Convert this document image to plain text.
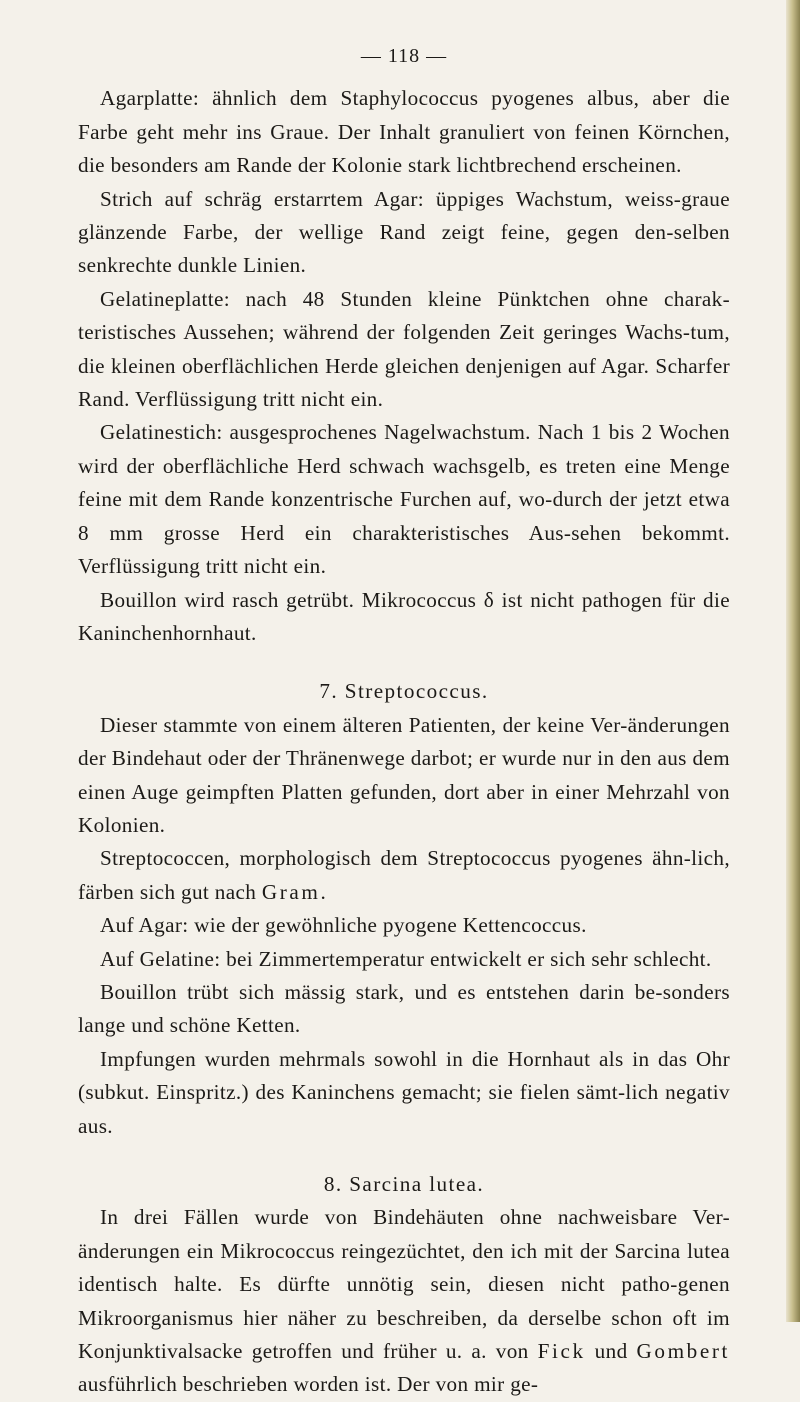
— 118 —

Agarplatte: ähnlich dem Staphylococcus pyogenes albus, aber die Farbe geht mehr ins Graue. Der Inhalt granuliert von feinen Körnchen, die besonders am Rande der Kolonie stark lichtbrechend erscheinen.

Strich auf schräg erstarrtem Agar: üppiges Wachstum, weiss-graue glänzende Farbe, der wellige Rand zeigt feine, gegen den-selben senkrechte dunkle Linien.

Gelatineplatte: nach 48 Stunden kleine Pünktchen ohne charak-teristisches Aussehen; während der folgenden Zeit geringes Wachs-tum, die kleinen oberflächlichen Herde gleichen denjenigen auf Agar. Scharfer Rand. Verflüssigung tritt nicht ein.

Gelatinestich: ausgesprochenes Nagelwachstum. Nach 1 bis 2 Wochen wird der oberflächliche Herd schwach wachsgelb, es treten eine Menge feine mit dem Rande konzentrische Furchen auf, wo-durch der jetzt etwa 8 mm grosse Herd ein charakteristisches Aus-sehen bekommt. Verflüssigung tritt nicht ein.

Bouillon wird rasch getrübt. Mikrococcus δ ist nicht pathogen für die Kaninchenhornhaut.

7. Streptococcus.

Dieser stammte von einem älteren Patienten, der keine Ver-änderungen der Bindehaut oder der Thränenwege darbot; er wurde nur in den aus dem einen Auge geimpften Platten gefunden, dort aber in einer Mehrzahl von Kolonien.

Streptococcen, morphologisch dem Streptococcus pyogenes ähn-lich, färben sich gut nach Gram.

Auf Agar: wie der gewöhnliche pyogene Kettencoccus.

Auf Gelatine: bei Zimmertemperatur entwickelt er sich sehr schlecht.

Bouillon trübt sich mässig stark, und es entstehen darin be-sonders lange und schöne Ketten.

Impfungen wurden mehrmals sowohl in die Hornhaut als in das Ohr (subkut. Einspritz.) des Kaninchens gemacht; sie fielen sämt-lich negativ aus.

8. Sarcina lutea.

In drei Fällen wurde von Bindehäuten ohne nachweisbare Ver-änderungen ein Mikrococcus reingezüchtet, den ich mit der Sarcina lutea identisch halte. Es dürfte unnötig sein, diesen nicht patho-genen Mikroorganismus hier näher zu beschreiben, da derselbe schon oft im Konjunktivalsacke getroffen und früher u. a. von Fick und Gombert ausführlich beschrieben worden ist. Der von mir ge-
